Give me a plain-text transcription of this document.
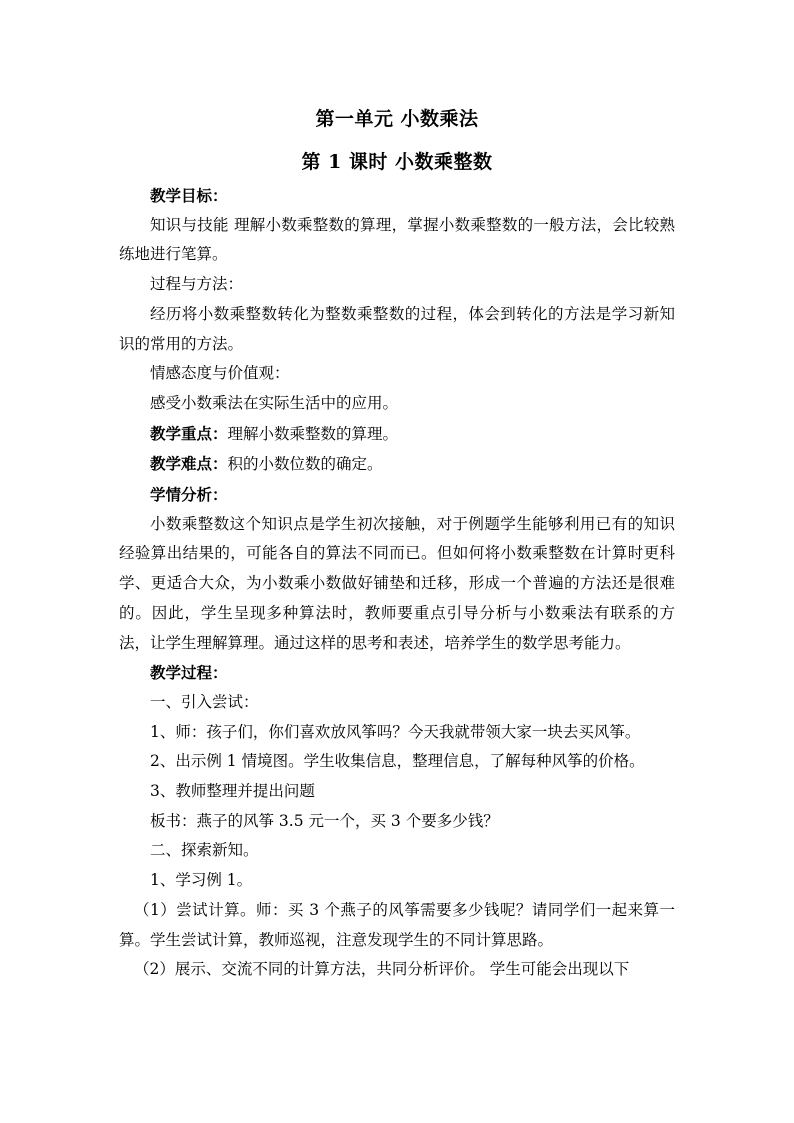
第一单元 小数乘法
第 1 课时 小数乘整数

教学目标：

知识与技能 理解小数乘整数的算理，掌握小数乘整数的一般方法，会比较熟练地进行笔算。

过程与方法：

经历将小数乘整数转化为整数乘整数的过程，体会到转化的方法是学习新知识的常用的方法。

情感态度与价值观：

感受小数乘法在实际生活中的应用。

教学重点：理解小数乘整数的算理。

教学难点：积的小数位数的确定。

学情分析：

小数乘整数这个知识点是学生初次接触，对于例题学生能够利用已有的知识经验算出结果的，可能各自的算法不同而已。但如何将小数乘整数在计算时更科学、更适合大众，为小数乘小数做好铺垫和迁移，形成一个普遍的方法还是很难的。因此，学生呈现多种算法时，教师要重点引导分析与小数乘法有联系的方法，让学生理解算理。通过这样的思考和表述，培养学生的数学思考能力。

教学过程：

一、引入尝试：

1、师：孩子们，你们喜欢放风筝吗？今天我就带领大家一块去买风筝。

2、出示例 1 情境图。学生收集信息，整理信息，了解每种风筝的价格。

3、教师整理并提出问题

板书：燕子的风筝 3.5 元一个，买 3 个要多少钱？

二、探索新知。

1、学习例 1。

（1）尝试计算。师：买 3 个燕子的风筝需要多少钱呢？请同学们一起来算一算。学生尝试计算，教师巡视，注意发现学生的不同计算思路。

（2）展示、交流不同的计算方法，共同分析评价。 学生可能会出现以下
